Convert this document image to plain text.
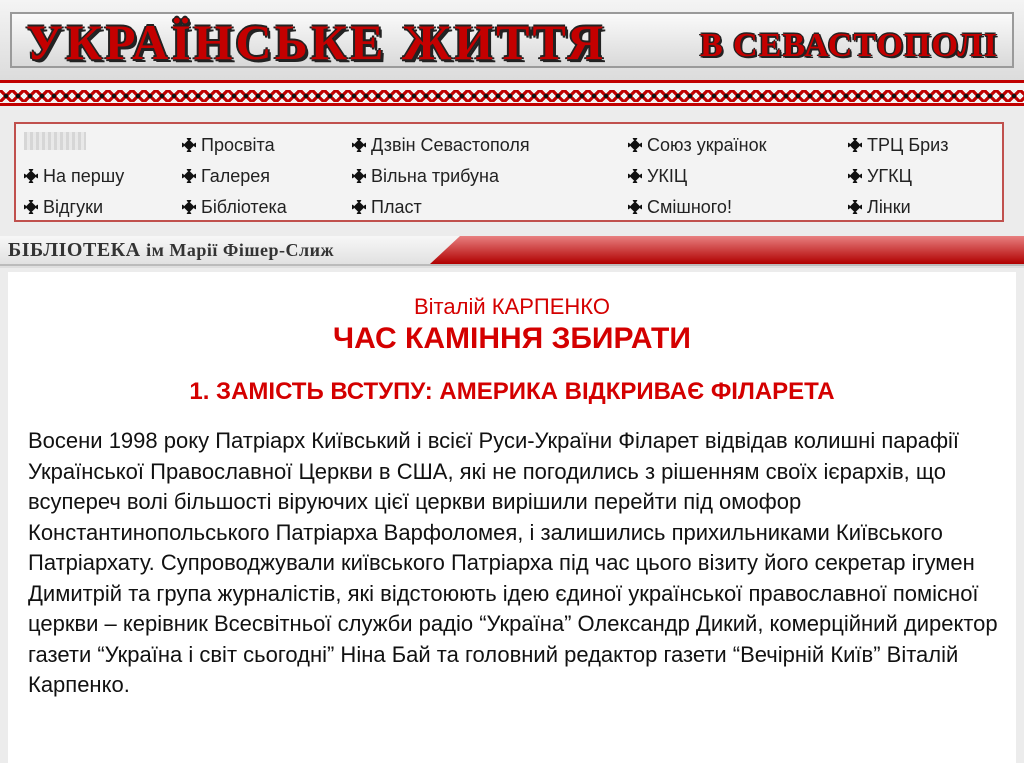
УКРАЇНСЬКЕ ЖИТТЯ	В СЕВАСТОПОЛІ
На першу
Відгуки
Просвіта
Галерея
Бібліотека
Дзвін Севастополя
Вільна трибуна
Пласт
Союз українок
УКІЦ
Смішного!
ТРЦ Бриз
УГКЦ
Лінки
БІБЛІОТЕКА ім Марії Фішер-Слиж
Віталій КАРПЕНКО
ЧАС КАМІННЯ ЗБИРАТИ
1. ЗАМІСТЬ ВСТУПУ: АМЕРИКА ВІДКРИВАЄ ФІЛАРЕТА

Восени 1998 року Патріарх Київський і всієї Руси-України Філарет відвідав колишні парафії Української Православної Церкви в США, які не погодились з рішенням своїх ієрархів, що всупереч волі більшості віруючих цієї церкви вирішили перейти під омофор Константинопольського Патріарха Варфоломея, і залишились прихильниками Київського Патріархату. Супроводжували київського Патріарха під час цього візиту його секретар ігумен Димитрій та група журналістів, які відстоюють ідею єдиної української православної помісної церкви – керівник Всесвітньої служби радіо “Україна” Олександр Дикий, комерційний директор газети “Україна і світ сьогодні” Ніна Бай та головний редактор газети “Вечірній Київ” Віталій Карпенко.
